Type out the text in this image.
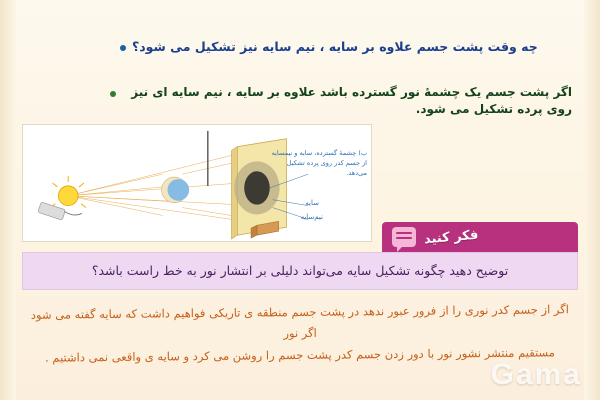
چه وقت پشت جسم علاوه بر سایه ، نیم سایه نیز تشکیل می شود؟
اگر پشت جسم یک چشمهٔ نور گسترده باشد علاوه بر سایه ، نیم سایه ای نیز روی پرده تشکیل می شود.
ب) چشمهٔ گسترده، سایه و نیمسایه از جسم کدر روی پرده تشکیل می‌دهد.
سایه
نیم‌سایه
فکر کنید
توضیح دهید چگونه تشکیل سایه می‌تواند دلیلی بر انتشار نور به خط راست باشد؟
اگر از جسم کدر نوری را از فرور عبور ندهد در پشت جسم منطقه ی تاریکی فواهیم داشت که سایه گفته می شود اگر نور
مستقیم منتشر نشور نور با دور زدن جسم کدر پشت جسم را روشن می کرد و سایه ی واقعی نمی داشتیم .
Gama
